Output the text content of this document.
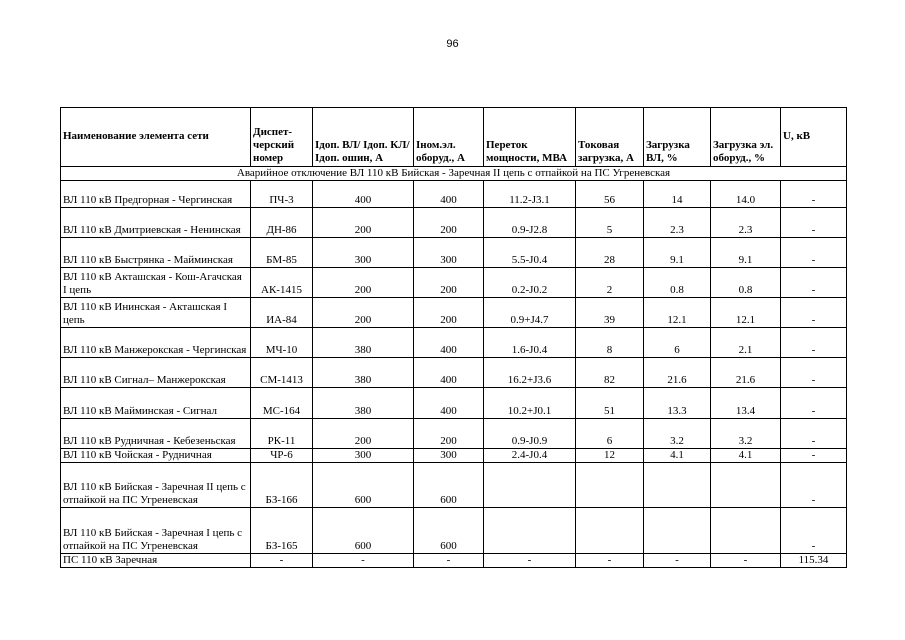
96
Наименование элемента сети	Диспет-черский номер	Iдоп. ВЛ/ Iдоп. КЛ/ Iдоп. ошин, А	Iном.эл. оборуд., А	Переток мощности, МВА	Токовая загрузка, А	Загрузка ВЛ, %	Загрузка эл. оборуд., %	U, кВ
Аварийное отключение ВЛ 110 кВ Бийская - Заречная II цепь с отпайкой на ПС Угреневская								
ВЛ 110 кВ Предгорная - Чергинская	ПЧ-3	400	400	11.2-J3.1	56	14	14.0	-
ВЛ 110 кВ Дмитриевская - Ненинская	ДН-86	200	200	0.9-J2.8	5	2.3	2.3	-
ВЛ 110 кВ Быстрянка - Майминская	БМ-85	300	300	5.5-J0.4	28	9.1	9.1	-
ВЛ 110 кВ Акташская - Кош-Агачская I цепь	АК-1415	200	200	0.2-J0.2	2	0.8	0.8	-
ВЛ 110 кВ Ининская - Акташская I цепь	ИА-84	200	200	0.9+J4.7	39	12.1	12.1	-
ВЛ 110 кВ Манжерокская - Чергинская	МЧ-10	380	400	1.6-J0.4	8	6	2.1	-
ВЛ 110 кВ Сигнал– Манжерокская	СМ-1413	380	400	16.2+J3.6	82	21.6	21.6	-
ВЛ 110 кВ Майминская - Сигнал	МС-164	380	400	10.2+J0.1	51	13.3	13.4	-
ВЛ 110 кВ Рудничная - Кебезеньская	РК-11	200	200	0.9-J0.9	6	3.2	3.2	-
ВЛ 110 кВ Чойская - Рудничная	ЧР-6	300	300	2.4-J0.4	12	4.1	4.1	-
ВЛ 110 кВ Бийская - Заречная II цепь с отпайкой на ПС Угреневская	БЗ-166	600	600					-
ВЛ 110 кВ Бийская - Заречная I цепь с отпайкой на ПС Угреневская	БЗ-165	600	600					-
ПС 110 кВ Заречная	-	-	-	-	-	-	-	115.34
